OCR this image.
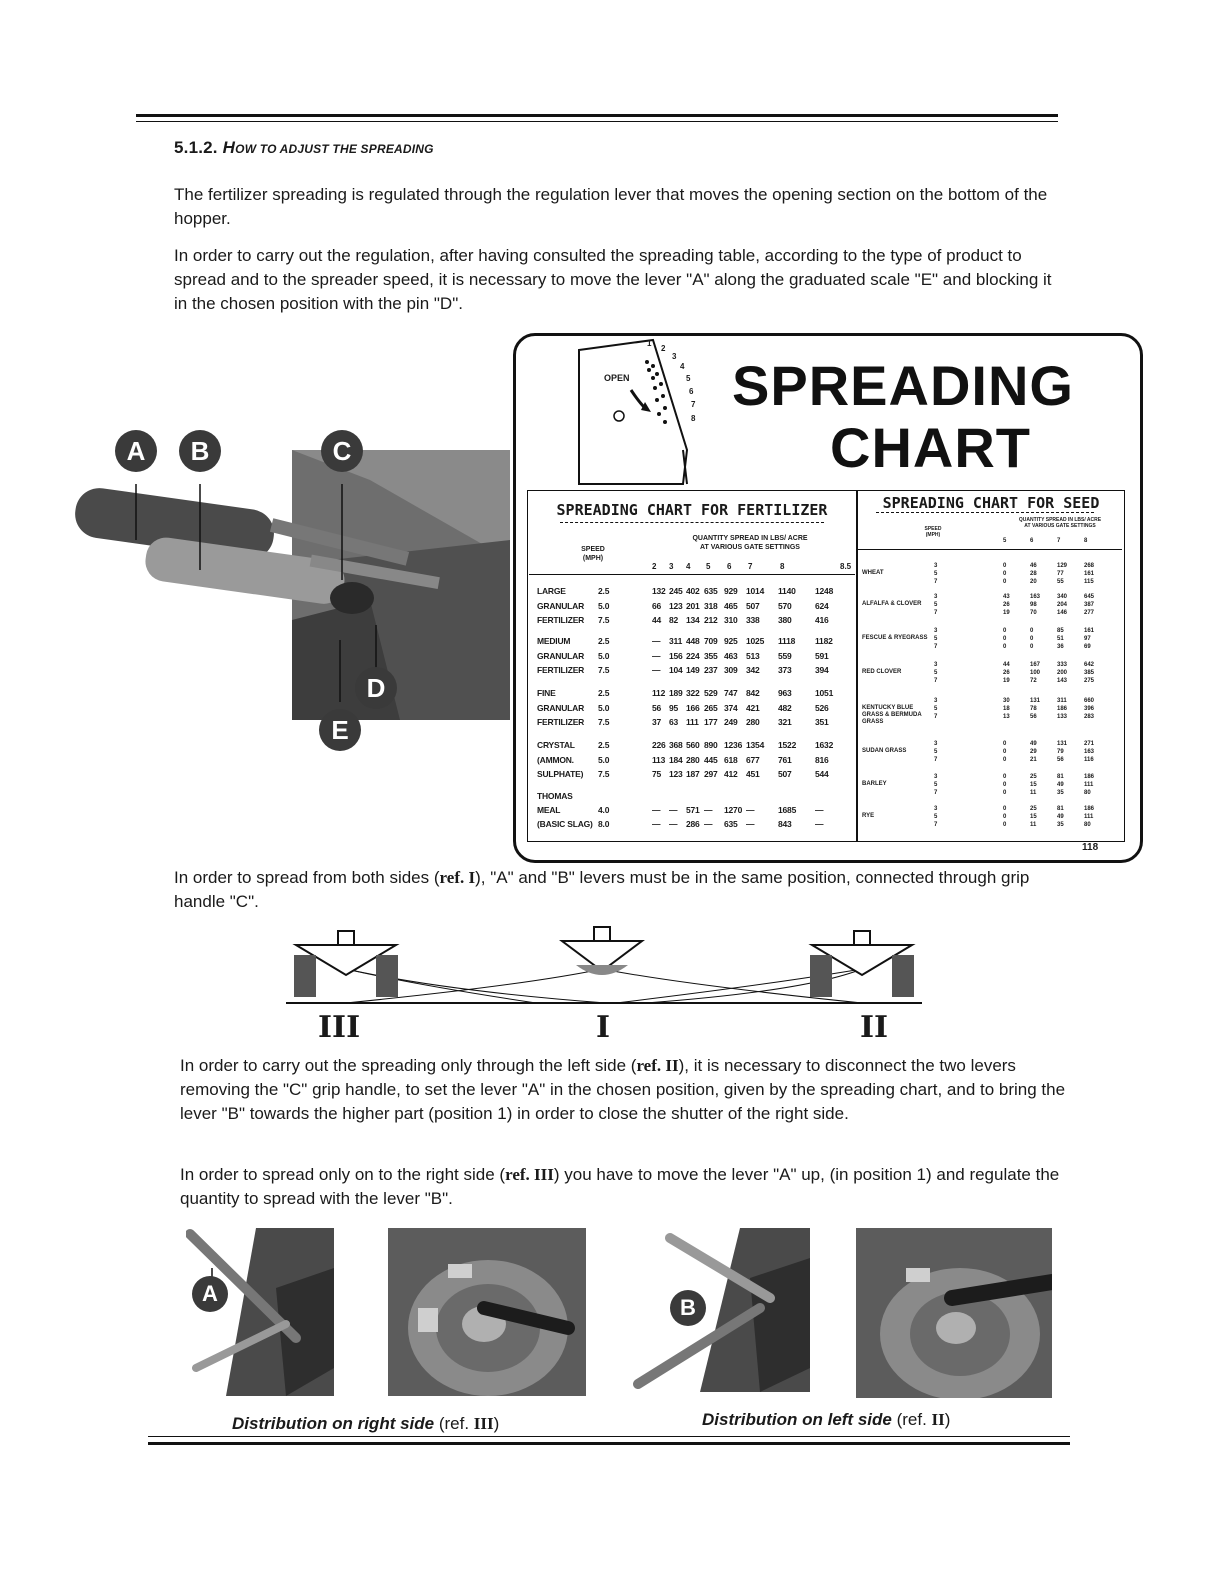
5.1.2. HOW TO ADJUST THE SPREADING
The fertilizer spreading is regulated through the regulation lever that moves the opening section on the bottom of the hopper.
In order to carry out the regulation, after having consulted the spreading table, according to the type of product to spread and to the spreader speed, it is necessary to move the lever "A" along the graduated scale "E" and blocking it in the chosen position with the pin "D".
A	B	C
D
E
OPEN
1
2
3
4
5
6
7
8
SPREADING
CHART
SPREADING CHART FOR FERTILIZER
QUANTITY SPREAD IN LBS/ ACRE
AT VARIOUS GATE SETTINGS
SPEED
(MPH)
2 3 4 5 6 7	8	8.5
LARGE	2.5	132 245 402 635 929 1014 1140 1248
GRANULAR 5.0	66 123 201 318 465 507 570	624
FERTILIZER 7.5	44 82 134 212 310 338 380	416
MEDIUM	2.5	— 311 448 709 925 1025 1118 1182
GRANULAR 5.0	— 156 224 355 463 513 559	591
FERTILIZER 7.5	— 104 149 237 309 342 373	394
FINE	2.5	112 189 322 529 747 842 963	1051
GRANULAR 5.0	56 95 166 265 374 421 482	526
FERTILIZER 7.5	37 63 111 177 249 280 321	351
CRYSTAL	2.5	226 368 560 890 1236 1354 1522 1632
(AMMON.	5.0	113 184 280 445 618 677 761	816
SULPHATE) 7.5	75 123 187 297 412 451 507	544
THOMAS
MEAL	4.0	— — 571 — 1270 —	1685 —
(BASIC SLAG) 8.0	— — 286 — 635 —	843	—
SPREADING CHART FOR SEED
QUANTITY SPREAD IN LBS/ ACRE
AT VARIOUS GATE SETTINGS
SPEED
(MPH)
5	6	7	8
WHEAT
3	0	46	129	268
5	0	28	77	161
7	0	20	55	115
ALFALFA & CLOVER
3	43	163	340	645
5	26	98	204	387
7	19	70	146	277
FESCUE & RYEGRASS
3	0	0	85	161
5	0	0	51	97
7	0	0	36	69
RED CLOVER
3	44	167	333	642
5	26	100	200	385
7	19	72	143	275
KENTUCKY BLUE GRASS & BERMUDA GRASS
3	30	131	311	660
5	18	78	186	396
7	13	56	133	283
SUDAN GRASS
3	0	49	131	271
5	0	29	79	163
7	0	21	56	116
BARLEY
3	0	25	81	186
5	0	15	49	111
7	0	11	35	80
RYE
3	0	25	81	186
5	0	15	49	111
7	0	11	35	80
118
In order to spread from both sides (ref. I), "A" and "B" levers must be in the same position, connected through grip handle "C".
III	I	II
In order to carry out the spreading only through the left side (ref. II), it is necessary to disconnect the two levers removing the "C" grip handle, to set the lever "A" in the chosen position, given by the spreading chart, and to bring the lever "B" towards the higher part (position 1) in order to close the shutter of the right side.
In order to spread only on to the right side (ref. III) you have to move the lever "A" up, (in position 1) and regulate the quantity to spread with the lever "B".
A
B
Distribution on right side (ref. III)	Distribution on left side (ref. II)
